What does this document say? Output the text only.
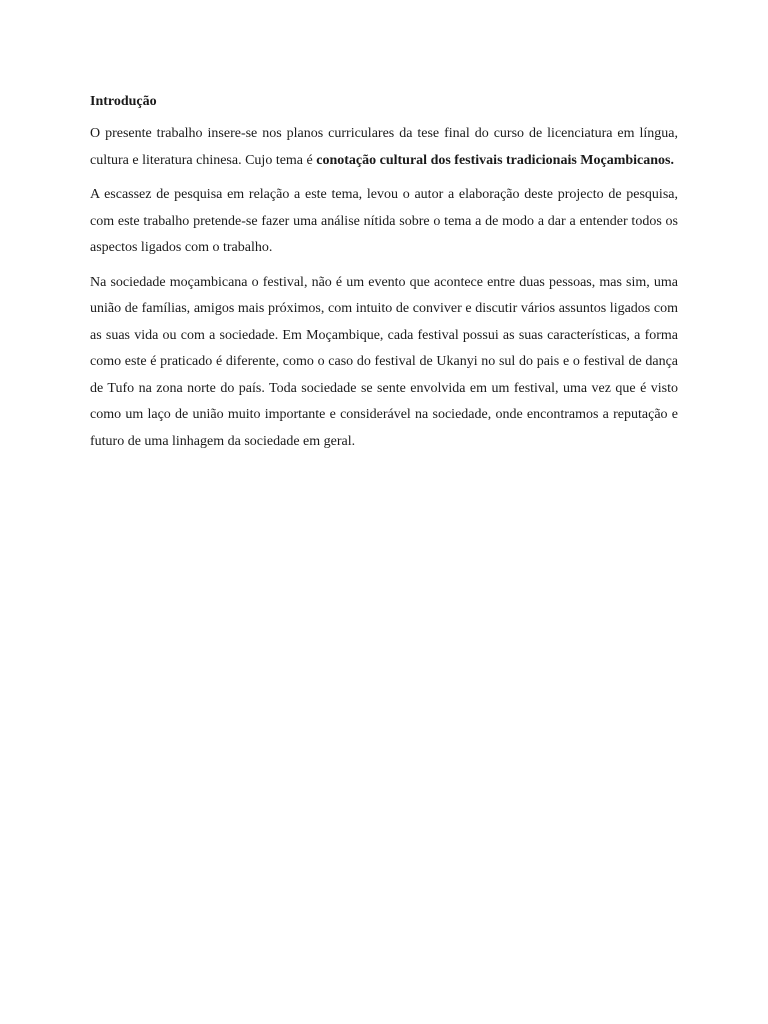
Introdução

O presente trabalho insere-se nos planos curriculares da tese final do curso de licenciatura em língua, cultura e literatura chinesa. Cujo tema é conotação cultural dos festivais tradicionais Moçambicanos.

A escassez de pesquisa em relação a este tema, levou o autor a elaboração deste projecto de pesquisa, com este trabalho pretende-se fazer uma análise nítida sobre o tema a de modo a dar a entender todos os aspectos ligados com o trabalho.

Na sociedade moçambicana o festival, não é um evento que acontece entre duas pessoas, mas sim, uma união de famílias, amigos mais próximos, com intuito de conviver e discutir vários assuntos ligados com as suas vida ou com a sociedade. Em Moçambique, cada festival possui as suas características, a forma como este é praticado é diferente, como o caso do festival de Ukanyi no sul do pais e o festival de dança de Tufo na zona norte do país. Toda sociedade se sente envolvida em um festival, uma vez que é visto como um laço de união muito importante e considerável na sociedade, onde encontramos a reputação e futuro de uma linhagem da sociedade em geral.
